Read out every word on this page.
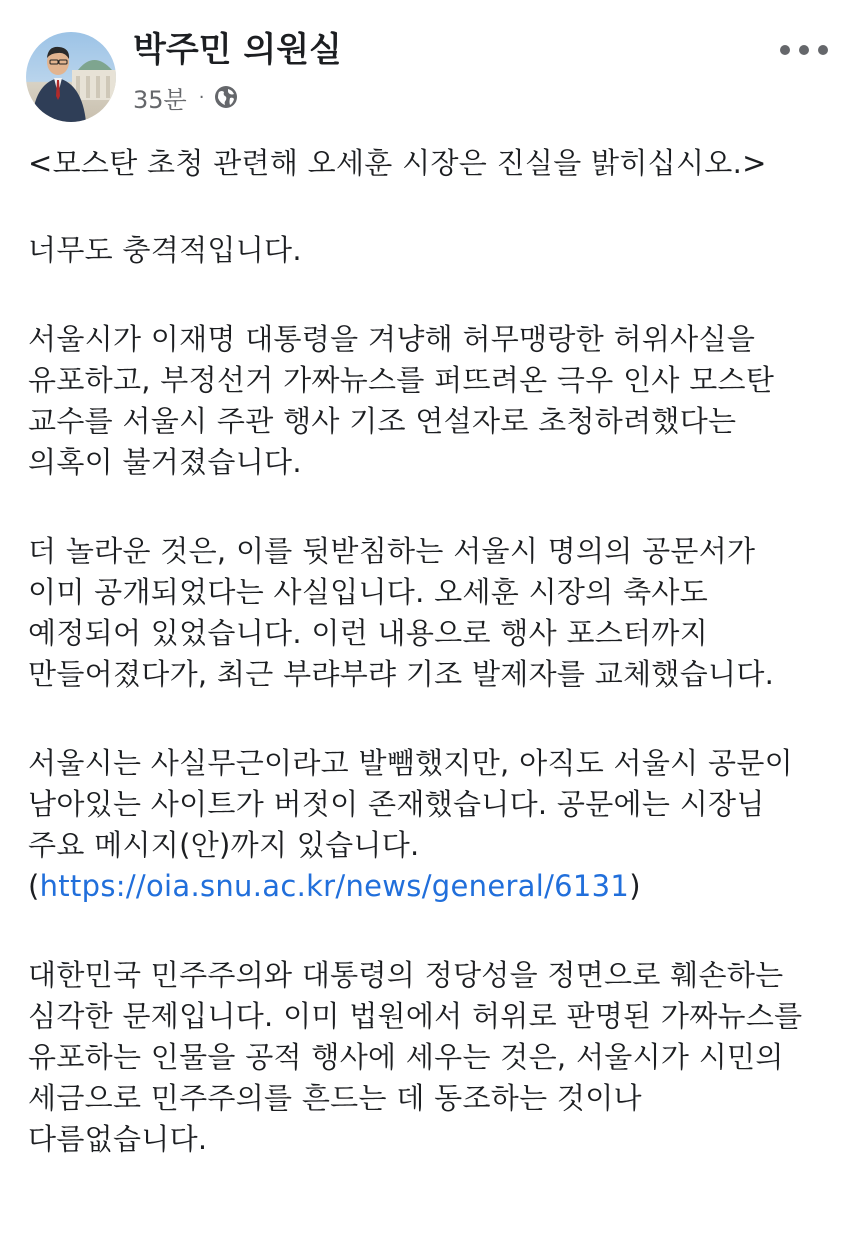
박주민 의원실
35분 ·
<모스탄 초청 관련해 오세훈 시장은 진실을 밝히십시오.>
너무도 충격적입니다.
서울시가 이재명 대통령을 겨냥해 허무맹랑한 허위사실을
유포하고, 부정선거 가짜뉴스를 퍼뜨려온 극우 인사 모스탄
교수를 서울시 주관 행사 기조 연설자로 초청하려했다는
의혹이 불거졌습니다.
더 놀라운 것은, 이를 뒷받침하는 서울시 명의의 공문서가
이미 공개되었다는 사실입니다. 오세훈 시장의 축사도
예정되어 있었습니다. 이런 내용으로 행사 포스터까지
만들어졌다가, 최근 부랴부랴 기조 발제자를 교체했습니다.
서울시는 사실무근이라고 발뺌했지만, 아직도 서울시 공문이
남아있는 사이트가 버젓이 존재했습니다. 공문에는 시장님
주요 메시지(안)까지 있습니다.
(https://oia.snu.ac.kr/news/general/6131)
대한민국 민주주의와 대통령의 정당성을 정면으로 훼손하는
심각한 문제입니다. 이미 법원에서 허위로 판명된 가짜뉴스를
유포하는 인물을 공적 행사에 세우는 것은, 서울시가 시민의
세금으로 민주주의를 흔드는 데 동조하는 것이나
다름없습니다.
